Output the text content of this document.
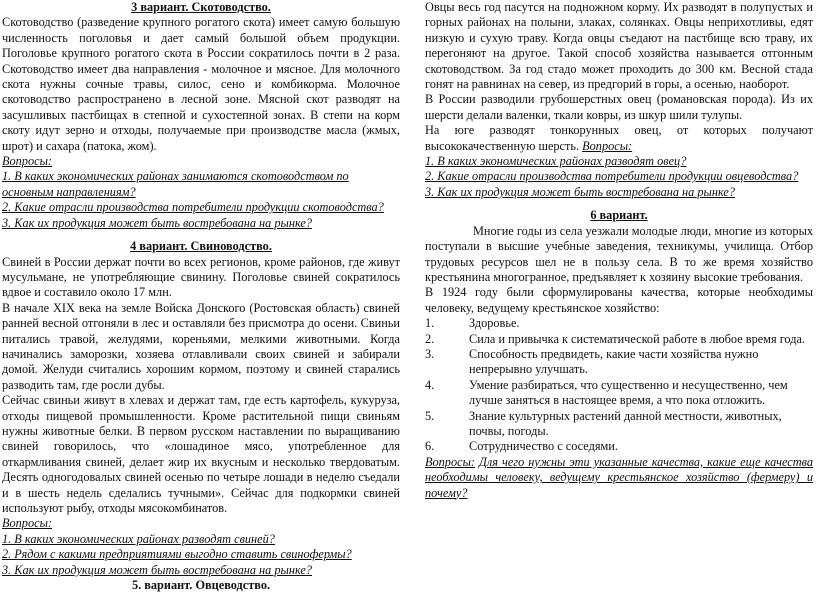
3 вариант. Скотоводство.

Скотоводство (разведение крупного рогатого скота) имеет самую большую численность поголовья и дает самый большой объем продукции. Поголовье крупного рогатого скота в России сократилось почти в 2 раза. Скотоводство имеет два направления - молочное и мясное. Для молочного скота нужны сочные травы, силос, сено и комбикорма. Молочное скотоводство распространено в лесной зоне. Мясной скот разводят на засушливых пастбищах в степной и сухостепной зонах. В степи на корм скоту идут зерно и отходы, получаемые при производстве масла (жмых, шрот) и сахара (патока, жом).

Вопросы:
1. В каких экономических районах занимаются скотоводством по основным направлениям?
2. Какие отрасли производства потребители продукции скотоводства?
3. Как их продукция может быть востребована на рынке?
4 вариант. Свиноводство.

Свиней в России держат почти во всех регионов, кроме районов, где живут мусульмане, не употребляющие свинину. Поголовье свиней сократилось вдвое и составило около 17 млн.

В начале XIX века на земле Войска Донского (Ростовская область) свиней ранней весной отгоняли в лес и оставляли без присмотра до осени. Свиньи питались травой, желудями, кореньями, мелкими животными. Когда начинались заморозки, хозяева отлавливали своих свиней и забирали домой. Желуди считались хорошим кормом, поэтому и свиней старались разводить там, где росли дубы.

Сейчас свиньи живут в хлевах и держат там, где есть картофель, кукуруза, отходы пищевой промышленности. Кроме растительной пищи свиньям нужны животные белки. В первом русском наставлении по выращиванию свиней говорилось, что «лошадиное мясо, употребленное для откармливания свиней, делает жир их вкусным и несколько твердоватым. Десять одногодовалых свиней осенью по четыре лошади в неделю съедали и в шесть недель сделались тучными». Сейчас для подкормки свиней используют рыбу, отходы мясокомбинатов.

Вопросы:
1. В каких экономических районах разводят свиней?
2. Рядом с какими предприятиями выгодно ставить свинофермы?
3. Как их продукция может быть востребована на рынке?
5. вариант. Овцеводство.

Овцы весь год пасутся на подножном корму. Их разводят в полупустых и горных районах на полыни, злаках, солянках. Овцы неприхотливы, едят низкую и сухую траву. Когда овцы съедают на пастбище всю траву, их перегоняют на другое. Такой способ хозяйства называется отгонным скотоводством. За год стадо может проходить до 300 км. Весной стада гонят на равнинах на север, из предгорий в горы, а осенью, наоборот.

В России разводили грубошерстных овец (романовская порода). Из их шерсти делали валенки, ткали ковры, из шкур шили тулупы.

На юге разводят тонкорунных овец, от которых получают высококачественную шерсть. Вопросы:

1. В каких экономических районах разводят овец?
2. Какие отрасли производства потребители продукции овцеводства?
3. Как их продукция может быть востребована на рынке?
6 вариант.

Многие годы из села уезжали молодые люди, многие из которых поступали в высшие учебные заведения, техникумы, училища. Отбор трудовых ресурсов шел не в пользу села. В то же время хозяйство крестьянина многогранное, предъявляет к хозяину высокие требования.

В 1924 году были сформулированы качества, которые необходимы человеку, ведущему крестьянское хозяйство:

1.	Здоровье.
2.	Сила и привычка к систематической работе в любое время года.
3.	Способность предвидеть, какие части хозяйства нужно непрерывно улучшать.
4.	Умение разбираться, что существенно и несущественно, чем лучше заняться в настоящее время, а что пока отложить.
5.	Знание культурных растений данной местности, животных, почвы, погоды.
6.	Сотрудничество с соседями.

Вопросы: Для чего нужны эти указанные качества, какие еще качества необходимы человеку, ведущему крестьянское хозяйство (фермеру) и почему?
